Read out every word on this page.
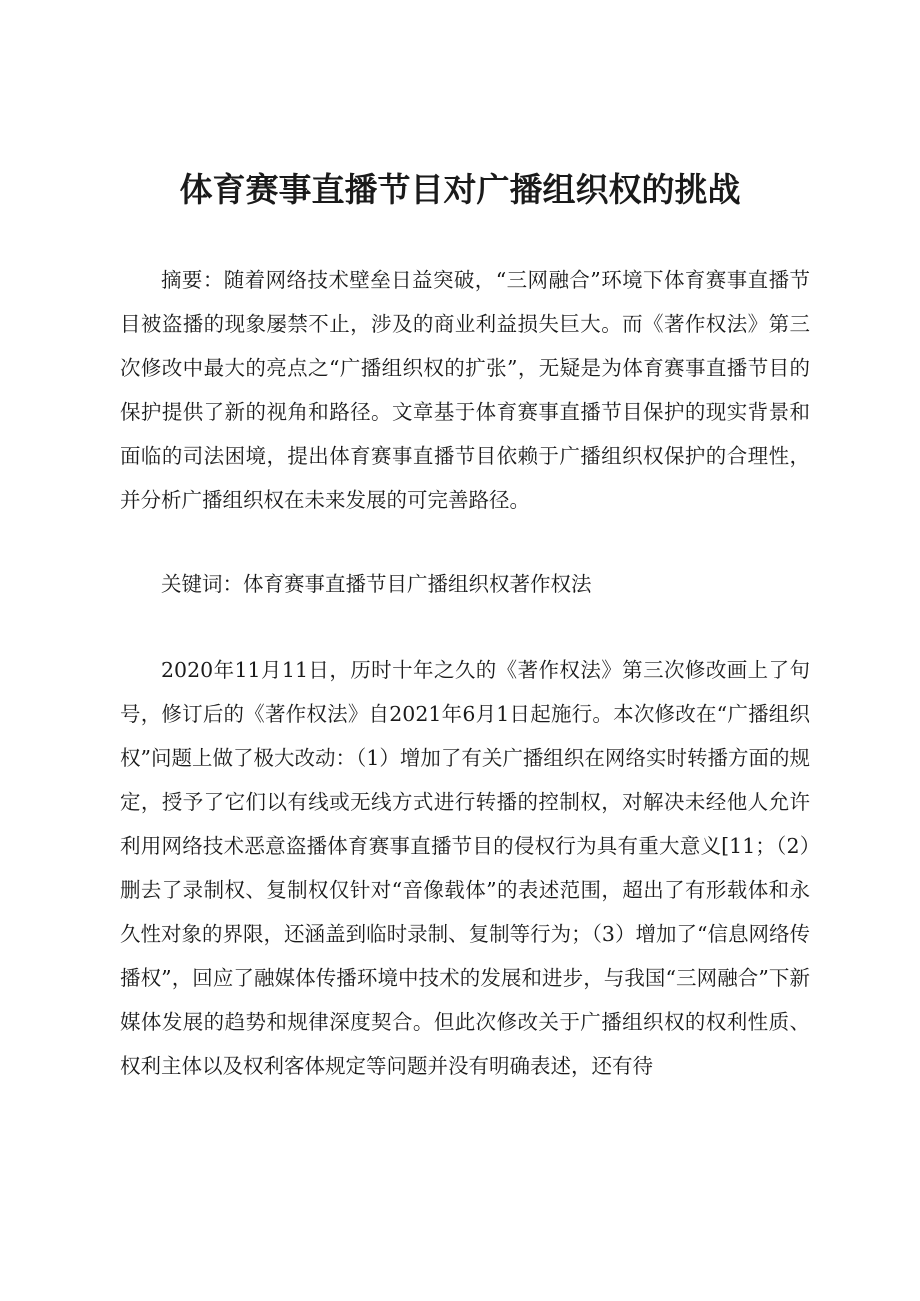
体育赛事直播节目对广播组织权的挑战

摘要：随着网络技术壁垒日益突破，“三网融合”环境下体育赛事直播节目被盗播的现象屡禁不止，涉及的商业利益损失巨大。而《著作权法》第三次修改中最大的亮点之“广播组织权的扩张”，无疑是为体育赛事直播节目的保护提供了新的视角和路径。文章基于体育赛事直播节目保护的现实背景和面临的司法困境，提出体育赛事直播节目依赖于广播组织权保护的合理性，并分析广播组织权在未来发展的可完善路径。

关键词：体育赛事直播节目广播组织权著作权法

2020年11月11日，历时十年之久的《著作权法》第三次修改画上了句号，修订后的《著作权法》自2021年6月1日起施行。本次修改在“广播组织权”问题上做了极大改动：（1）增加了有关广播组织在网络实时转播方面的规定，授予了它们以有线或无线方式进行转播的控制权，对解决未经他人允许利用网络技术恶意盗播体育赛事直播节目的侵权行为具有重大意义[11；（2）删去了录制权、复制权仅针对“音像载体”的表述范围，超出了有形载体和永久性对象的界限，还涵盖到临时录制、复制等行为；（3）增加了“信息网络传播权”，回应了融媒体传播环境中技术的发展和进步，与我国“三网融合”下新媒体发展的趋势和规律深度契合。但此次修改关于广播组织权的权利性质、权利主体以及权利客体规定等问题并没有明确表述，还有待
